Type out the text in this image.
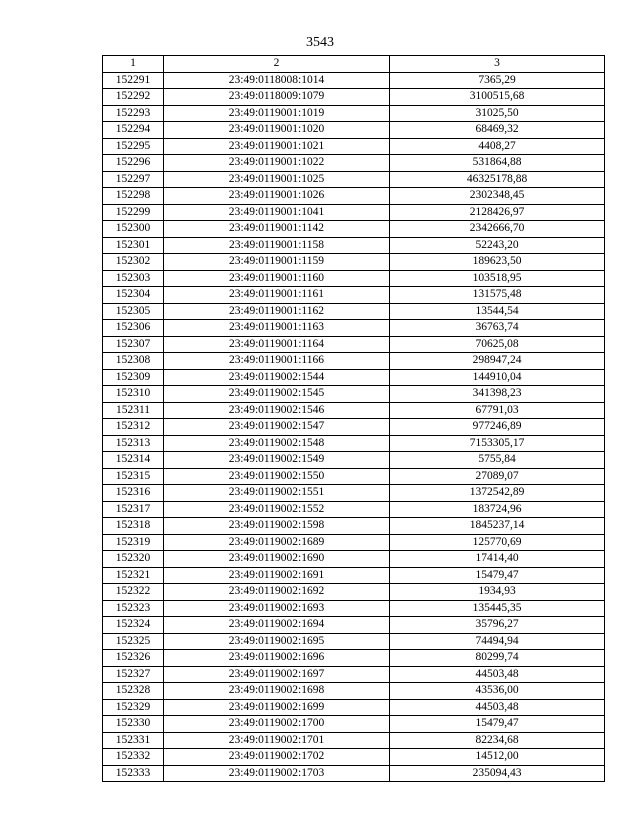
3543
1	2	3
152291	23:49:0118008:1014	7365,29
152292	23:49:0118009:1079	3100515,68
152293	23:49:0119001:1019	31025,50
152294	23:49:0119001:1020	68469,32
152295	23:49:0119001:1021	4408,27
152296	23:49:0119001:1022	531864,88
152297	23:49:0119001:1025	46325178,88
152298	23:49:0119001:1026	2302348,45
152299	23:49:0119001:1041	2128426,97
152300	23:49:0119001:1142	2342666,70
152301	23:49:0119001:1158	52243,20
152302	23:49:0119001:1159	189623,50
152303	23:49:0119001:1160	103518,95
152304	23:49:0119001:1161	131575,48
152305	23:49:0119001:1162	13544,54
152306	23:49:0119001:1163	36763,74
152307	23:49:0119001:1164	70625,08
152308	23:49:0119001:1166	298947,24
152309	23:49:0119002:1544	144910,04
152310	23:49:0119002:1545	341398,23
152311	23:49:0119002:1546	67791,03
152312	23:49:0119002:1547	977246,89
152313	23:49:0119002:1548	7153305,17
152314	23:49:0119002:1549	5755,84
152315	23:49:0119002:1550	27089,07
152316	23:49:0119002:1551	1372542,89
152317	23:49:0119002:1552	183724,96
152318	23:49:0119002:1598	1845237,14
152319	23:49:0119002:1689	125770,69
152320	23:49:0119002:1690	17414,40
152321	23:49:0119002:1691	15479,47
152322	23:49:0119002:1692	1934,93
152323	23:49:0119002:1693	135445,35
152324	23:49:0119002:1694	35796,27
152325	23:49:0119002:1695	74494,94
152326	23:49:0119002:1696	80299,74
152327	23:49:0119002:1697	44503,48
152328	23:49:0119002:1698	43536,00
152329	23:49:0119002:1699	44503,48
152330	23:49:0119002:1700	15479,47
152331	23:49:0119002:1701	82234,68
152332	23:49:0119002:1702	14512,00
152333	23:49:0119002:1703	235094,43
